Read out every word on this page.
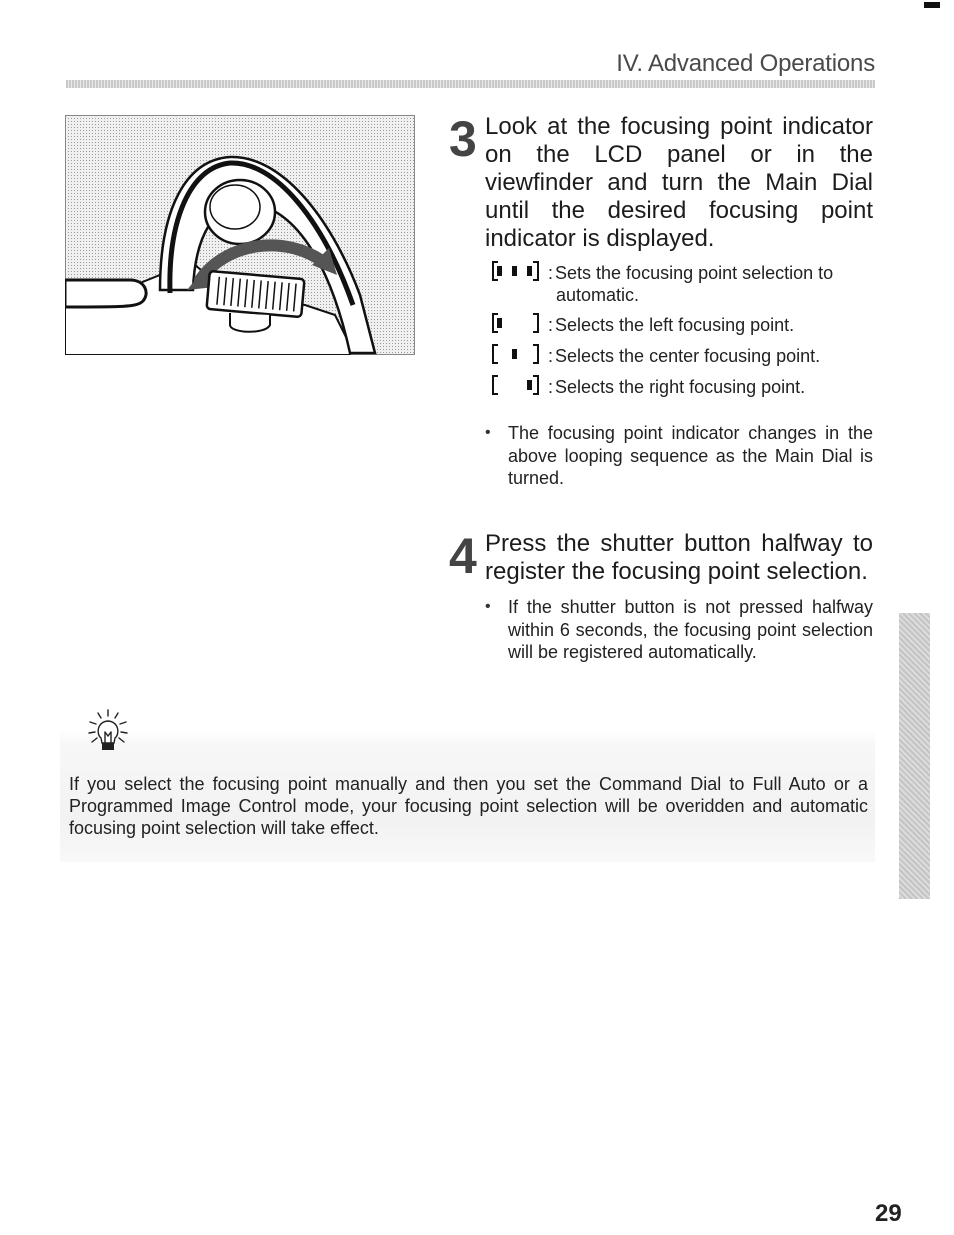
IV. Advanced Operations
3 Look at the focusing point indicator on the LCD panel or in the viewfinder and turn the Main Dial until the desired focusing point indicator is displayed.

: Sets the focusing point selection to automatic.

: Selects the left focusing point.

: Selects the center focusing point.

: Selects the right focusing point.

• The focusing point indicator changes in the above looping sequence as the Main Dial is turned.

4 Press the shutter button halfway to register the focusing point selection.

• If the shutter button is not pressed halfway within 6 seconds, the focusing point selection will be registered automatically.

If you select the focusing point manually and then you set the Command Dial to Full Auto or a Programmed Image Control mode, your focusing point selection will be overidden and automatic focusing point selection will take effect.

29
